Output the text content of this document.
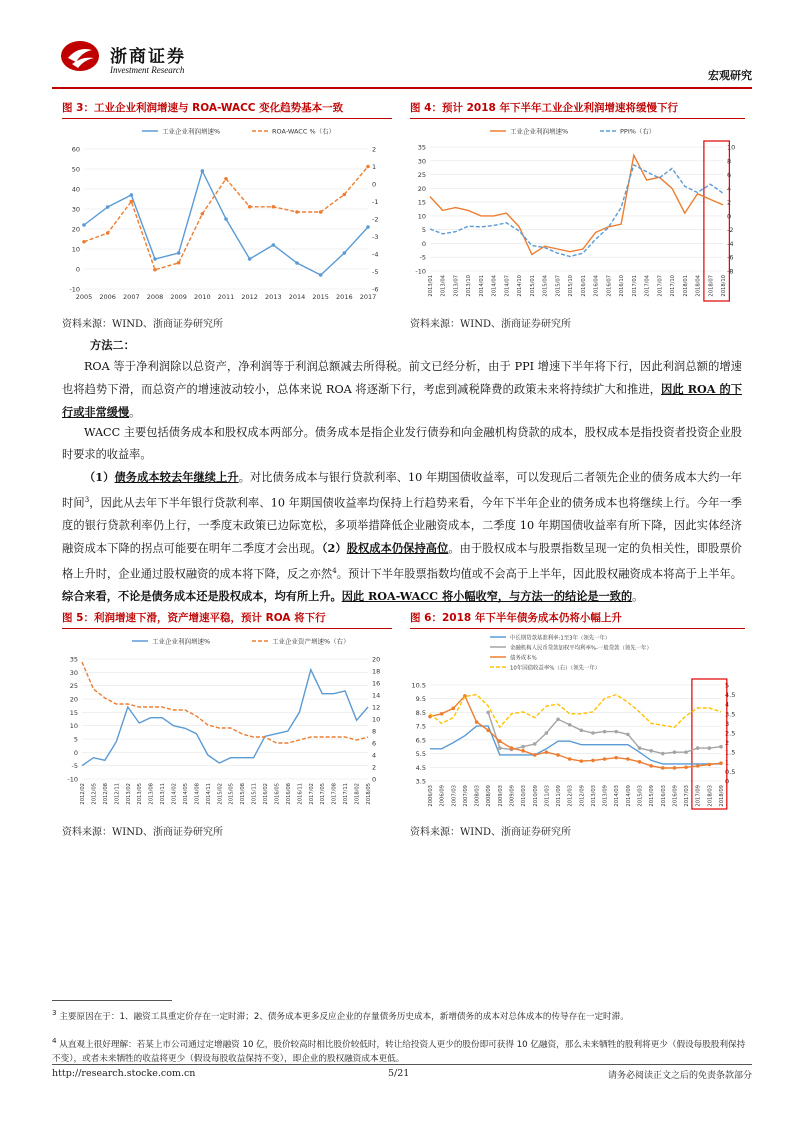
浙商证券
Investment Research	宏观研究
图 3：工业企业利润增速与 ROA-WACC 变化趋势基本一致
-10
0
10
20
30
40
50
60
-6
-5
-4
-3
-2
-1
0
1
2
2005 2006 2007 2008 2009 2010 2011 2012 2013 2014 2015 2016 2017
工业企业利润增速%	ROA-WACC %（右）
资料来源：WIND、浙商证券研究所
图 4：预计 2018 年下半年工业企业利润增速将缓慢下行
-10
-5
0
5
10
15
20
25
30
35
-8
-6
-4
-2
0
2
4
6
8
10
2013/01 2013/04 2013/07 2013/10 2014/01 2014/04 2014/07 2014/10 2015/01 2015/04 2015/07 2015/10 2016/01 2016/04 2016/07 2016/10 2017/01 2017/04 2017/07 2017/10 2018/01 2018/04 2018/07 2018/10
工业企业利润增速%	PPI%（右）
资料来源：WIND、浙商证券研究所
方法二：
ROA 等于净利润除以总资产，净利润等于利润总额减去所得税。前文已经分析，由于 PPI 增速下半年将下行，因此利润总额的增速也将趋势下滑，而总资产的增速波动较小，总体来说 ROA 将逐渐下行，考虑到减税降费的政策未来将持续扩大和推进，因此 ROA 的下行或非常缓慢。
WACC 主要包括债务成本和股权成本两部分。债务成本是指企业发行债券和向金融机构贷款的成本，股权成本是指投资者投资企业股时要求的收益率。
（1）债务成本较去年继续上升。对比债务成本与银行贷款利率、10 年期国债收益率，可以发现后二者领先企业的债务成本大约一年时间$^3$，因此从去年下半年银行贷款利率、10 年期国债收益率均保持上行趋势来看，今年下半年企业的债务成本也将继续上行。今年一季度的银行贷款利率仍上行，一季度末政策已边际宽松，多项举措降低企业融资成本，二季度 10 年期国债收益率有所下降，因此实体经济融资成本下降的拐点可能要在明年二季度才会出现。（2）股权成本仍保持高位。由于股权成本与股票指数呈现一定的负相关性，即股票价格上升时，企业通过股权融资的成本将下降，反之亦然$^4$。预计下半年股票指数均值或不会高于上半年，因此股权融资成本将高于上半年。综合来看，不论是债务成本还是股权成本，均有所上升。因此 ROA-WACC 将小幅收窄，与方法一的结论是一致的。
图 5：利润增速下滑，资产增速平稳，预计 ROA 将下行
-10
-5
0
5
10
15
20
25
30
35
0
2
4
6
8
10
12
14
16
18
20
2012/02 2012/05 2012/08 2012/11 2013/02 2013/05 2013/08 2013/11 2014/02 2014/05 2014/08 2014/11 2015/02 2015/05 2015/08 2015/11 2016/02 2016/05 2016/08 2016/11 2017/02 2017/05 2017/08 2017/11 2018/02 2018/05
工业企业利润增速%	工业企业资产增速%（右）
资料来源：WIND、浙商证券研究所
图 6：2018 年下半年债务成本仍将小幅上升
3.5
4.5
5.5
6.5
7.5
8.5
9.5
10.5
0
0.5
1
1.5
2
2.5
3
3.5
4
4.5
5
2006/03 2006/09 2007/03 2007/09 2008/03 2008/09 2009/03 2009/09 2010/03 2010/09 2011/03 2011/09 2012/03 2012/09 2013/03 2013/09 2014/03 2014/09 2015/03 2015/09 2016/03 2016/09 2017/03 2017/09 2018/03 2018/09
中长期贷款基准利率:1至3年（领先一年）
金融机构人民币贷款加权平均利率%-一般贷款（领先一年）
债务成本%
10年国债收益率%（右）（领先一年）
资料来源：WIND、浙商证券研究所
$^3$ 主要原因在于：1、融资工具重定价存在一定时滞；2、债务成本更多反应企业的存量债务历史成本，新增债务的成本对总体成本的传导存在一定时滞。
$^4$ 从直观上很好理解：若某上市公司通过定增融资 10 亿，股价较高时相比股价较低时，转让给投资人更少的股份即可获得 10 亿融资，那么未来牺牲的股利将更少（假设每股股利保持不变），或者未来牺牲的收益将更少（假设每股收益保持不变），即企业的股权融资成本更低。
http://research.stocke.com.cn	5/21	请务必阅读正文之后的免责条款部分
